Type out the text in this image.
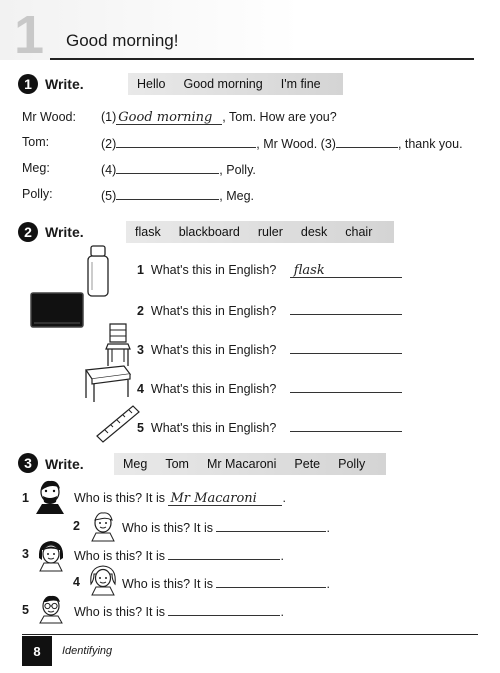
1 Good morning!
1 Write.	Hello Good morning I'm fine
Mr Wood: (1) Good morning , Tom. How are you?
Tom:	(2)	, Mr Wood. (3)	, thank you.
Meg:	(4)	, Polly.
Polly:	(5)	, Meg.
2 Write.	flask blackboard ruler desk chair
1 What's this in English? flask
2 What's this in English?
3 What's this in English?
4 What's this in English?
5 What's this in English?
3 Write.	Meg Tom Mr Macaroni Pete Polly
1	Who is this? It is Mr Macaroni .
2	Who is this? It is	.
3	Who is this? It is	.
4	Who is this? It is	.
5	Who is this? It is	.
8 Identifying
